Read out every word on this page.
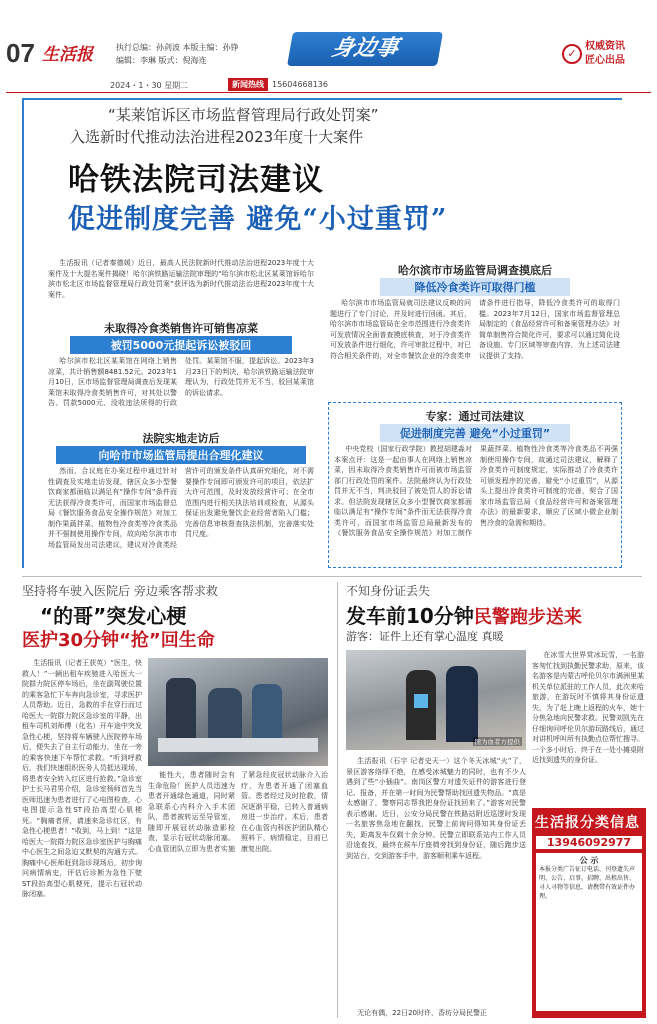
07 生活报	执行总编：孙剑波 本版主编：孙铮
编辑：李琳 版式：倪海连	身边事	✓
权威资讯
匠心出品
2024・1・30 星期二	新闻热线	15604668136
“某莱馆诉区市场监督管理局行政处罚案”
入选新时代推动法治进程2023年度十大案件
哈铁法院司法建议
促进制度完善 避免“小过重罚”

生活报讯（记者秦德媛）近日，最高人民法院新时代推动法治进程2023年度十大案件及十大提名案件揭晓！哈尔滨铁路运输法院审理的“哈尔滨市松北区某莱馆诉哈尔滨市松北区市场监督管理局行政处罚案”获评选为新时代推动法治进程2023年度十大案件。

未取得冷食类销售许可销售凉菜
被罚5000元提起诉讼被驳回

哈尔滨市松北区某莱馆在网络上销售凉菜，共计销售额8481.52元。2023年1月10日，区市场监督管理局调查后发现某莱馆未取得冷食类销售许可，对其处以警告、罚款5000元、没收违法所得的行政处罚。某莱馆不服，提起诉讼。2023年3月23日下的判决，哈尔滨铁路运输法院审理认为，行政处罚并无不当，驳回某莱馆的诉讼请求。

法院实地走访后
向哈市市场监管局提出合理化建议

然而，合议庭在办案过程中通过针对性调查及实地走访发现，辖区众多小型餐饮商家都面临以满足有“操作专间”条件而无法获得冷食类许可，而国家市场监督总局《餐饮服务食品安全操作规范》对加工制作果蔬拌菜、植物性冷食类等冷食类品并不强制使用操作专间，故向哈尔滨市市场监管局发出司法建议，建议对冷食类经营许可的颁发条件认真研究细化，对不需要操作专间即可颁发许可的项目，依法扩大许可范围，及时发放经营许可；在全市范围内进行相关执法培训或检查，从源头保证出发避免餐饮企业经营者陷入门槛；完善信息审核督查执法机制，完善落实处罚尺度。

哈尔滨市市场监管局调查摸底后
降低冷食类许可取得门槛

哈尔滨市市场监管局就司法建议反映的问题进行了专门讨论，并及时进行回函。其后，哈尔滨市市场监管局在全市范围进行冷食类许可发放情况全面普查摸底核查，对于冷食类许可发放条件进行细化，许可审批过程中，对已符合相关条件的，对全市餐饮企业的冷食类申请条件进行指导，降低冷食类许可的取得门槛。2023年7月12日，国家市场监督管理总局制定的《食品经营许可和备案管理办法》对简单制售符合简化许可，要求可以通过简化设备设施、专门区域等审查内容，为上述司法建议提供了支持。

专家：通过司法建议
促进制度完善 避免“小过重罚”

中央党校（国家行政学院）教授胡建淼对本案点评：这是一起由事人在网络上销售凉菜，因未取得冷食类销售许可而被市场监管部门行政处罚的案件。法院最终认为行政处罚并无不当，判决驳回了被处罚人的诉讼请求。但法院发现辖区众多小型餐饮商家都面临以满足有“操作专间”条件而无法获得冷食类许可，而国家市场监管总局最新发布的《餐饮服务食品安全操作规范》对加工制作果蔬拌菜、植物性冷食类等冷食类品不再强制使用操作专间，故通过司法建议，解释了冷食类许可制度规定，实际推动了冷食类许可颁发程序的完善，避免“小过重罚”，从源头上提出冷食类许可制度的完善，契合了国家市场监管总局《食品经营许可和备案管理办法》的最新要求，顺应了区域小微企业制售冷食的急需和期待。

坚持将车驶入医院后 旁边乘客帮求救
“的哥”突发心梗
医护30分钟“抢”回生命

生活报讯（记者王获英）“医生，快救人！”一辆出租车疾驰进入哈医大一院群力院区停车场后，坐在副驾驶位置的乘客急忙下车奔向急诊室，寻求医护人员帮助。近日，急救的手在穿行而过哈医大一院群力院区急诊室的平静，出租车司机刘师傅（化名）开车途中突发急性心梗，坚持将车辆驶入医院停车场后，便失去了自主行动能力，坐在一旁的乘客快速下车帮忙求救。“听到呼救后，我们快速组织医务人员抵达现场，将患者安全转入红区进行抢救。”急诊室护士长马君男介绍，急诊室杨师首先当医师迅速为患者进行了心电图检查，心电图提示急性ST段抬高型心肌梗死。“胸痛者所，请速来急诊红区，有急性心梗患者！”收到，马上到！“这是哈医大一院群力院区急诊室医护与胸痛中心医生之间急迫又默契的沟通方式。胸痛中心医师赶到急诊现场后，初步询问病情病史，评估后诊断为急性下壁ST段抬高型心肌梗死，提示右冠状动脉闭塞。

能性大，患者随时会有生命危险！医护人员迅速为患者开通绿色通道，同时紧急联系心内科介入手术团队，患者被转运至导管室，随即开展冠状动脉造影检查，显示右冠状动脉闭塞。心血管团队立即为患者实施了紧急经皮冠状动脉介入治疗，为患者开通了闭塞血管。患者经过及时抢救，情况逐渐平稳，已转入普通病房进一步治疗。术后，患者在心血管内科医护团队精心照料下，病情稳定，目前已康复出院。

不知身份证丢失
发车前10分钟民警跑步送来
游客：证件上还有掌心温度 真暖
图为血者方提供

在冰雪大世界赏冰玩雪，一名游客匆忙找到执勤民警求助，原来，该名游客是内蒙古呼伦贝尔市满洲里某机关单位派驻的工作人员，此次来哈旅游，在游玩时不慎将其身份证遗失，为了赶上晚上返程的火车，她十分焦急地向民警求救。民警刘凯先在仔细询问呼伦贝尔游玩路线后，通过对讲机呼叫所有执勤点位帮忙搜寻。一个多小时后，终于在一处小摊桌附近找到遗失的身份证。

生活报讯（石宇 记者史天一）这个冬天冰城“火”了，景区游客络绎不绝，在感受冰城魅力的同时，也有不少人遇到了些“小插曲”。南岗区警方对遗失证件的游客进行登记、报备，并在第一时间为民警帮助找回遗失物品。“真是太感谢了，警察同志帮我把身份证找回来了。”游客对民警表示感谢。近日，公安分局民警在铁路站附近巡逻时发现一名旅客焦急地在翻找，民警上前询问得知其身份证丢失，距离发车仅剩十余分钟。民警立即联系站内工作人员沿途查找，最终在候车厅座椅旁找到身份证，随后跑步送到站台，交到游客手中，游客顺利乘车返程。

无论有偶，22日20时许，香坊分局民警正

生活报分类信息
13946092977
公 示
本报分类广告征订电话，刊登遗失声明、公告、启事、招聘、出租出售、寻人寻物等信息，请携带有效证件办理。
